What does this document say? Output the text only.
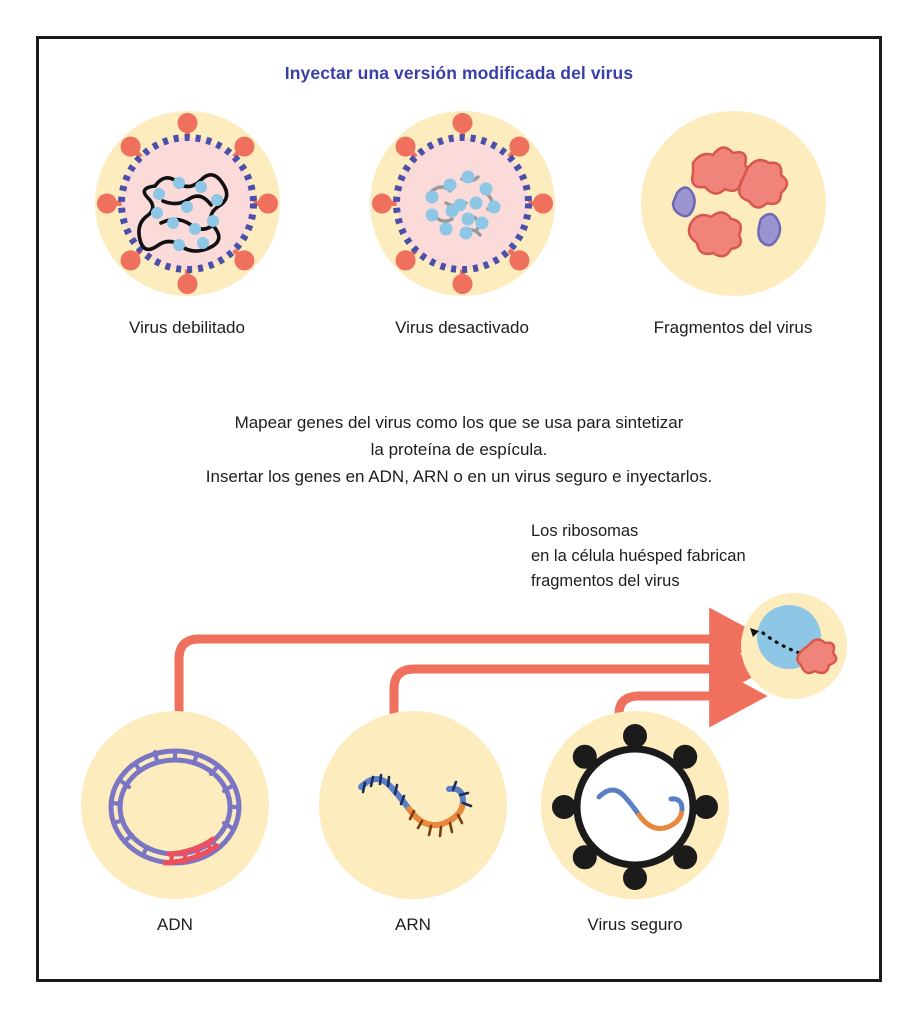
Inyectar una versión modificada del virus
Virus debilitado	Virus desactivado	Fragmentos del virus
Mapear genes del virus como los que se usa para sintetizar
la proteína de espícula.
Insertar los genes en ADN, ARN o en un virus seguro e inyectarlos.
Los ribosomas
en la célula huésped fabrican
fragmentos del virus
ADN	ARN	Virus seguro
